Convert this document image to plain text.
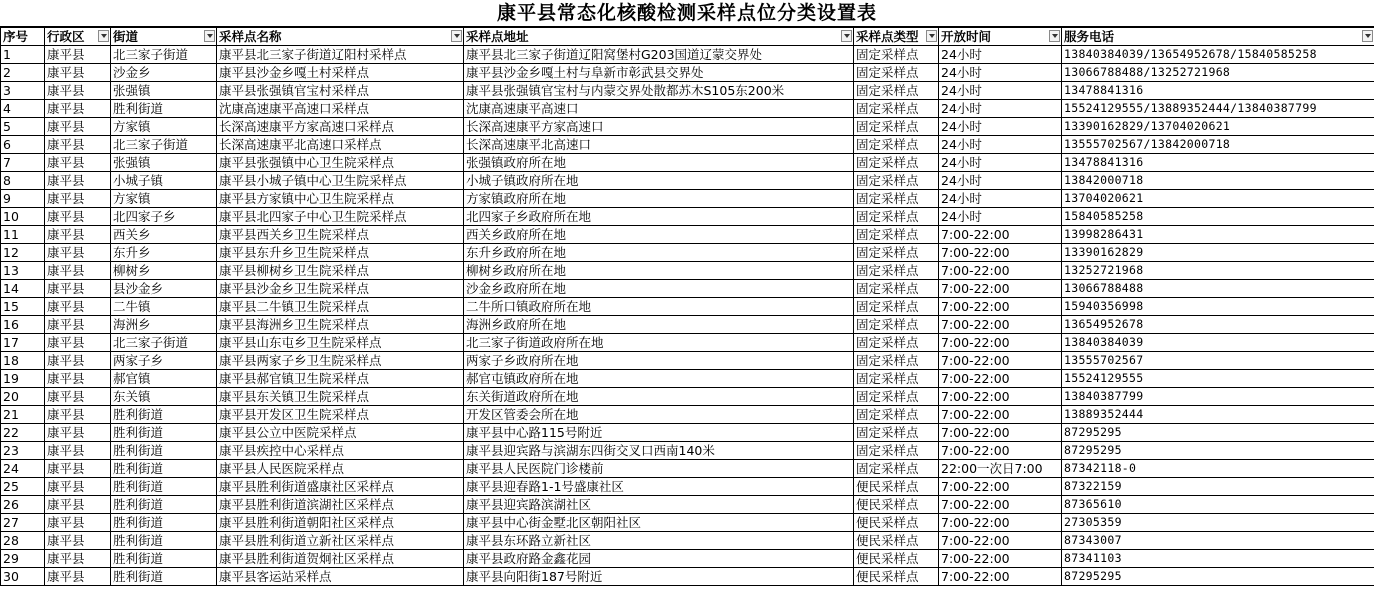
康平县常态化核酸检测采样点位分类设置表
序号	行政区	街道	采样点名称	采样点地址	采样点类型	开放时间	服务电话

1	康平县	北三家子街道	康平县北三家子街道辽阳村采样点	康平县北三家子街道辽阳窝堡村G203国道辽蒙交界处	固定采样点	24小时	13840384039/13654952678/15840585258
2	康平县	沙金乡	康平县沙金乡嘎土村采样点	康平县沙金乡嘎土村与阜新市彰武县交界处	固定采样点	24小时	13066788488/13252721968
3	康平县	张强镇	康平县张强镇官宝村采样点	康平县张强镇官宝村与内蒙交界处散都苏木S105东200米	固定采样点	24小时	13478841316
4	康平县	胜利街道	沈康高速康平高速口采样点	沈康高速康平高速口	固定采样点	24小时	15524129555/13889352444/13840387799
5	康平县	方家镇	长深高速康平方家高速口采样点	长深高速康平方家高速口	固定采样点	24小时	13390162829/13704020621
6	康平县	北三家子街道	长深高速康平北高速口采样点	长深高速康平北高速口	固定采样点	24小时	13555702567/13842000718
7	康平县	张强镇	康平县张强镇中心卫生院采样点	张强镇政府所在地	固定采样点	24小时	13478841316
8	康平县	小城子镇	康平县小城子镇中心卫生院采样点	小城子镇政府所在地	固定采样点	24小时	13842000718
9	康平县	方家镇	康平县方家镇中心卫生院采样点	方家镇政府所在地	固定采样点	24小时	13704020621
10	康平县	北四家子乡	康平县北四家子中心卫生院采样点	北四家子乡政府所在地	固定采样点	24小时	15840585258
11	康平县	西关乡	康平县西关乡卫生院采样点	西关乡政府所在地	固定采样点	7:00-22:00	13998286431
12	康平县	东升乡	康平县东升乡卫生院采样点	东升乡政府所在地	固定采样点	7:00-22:00	13390162829
13	康平县	柳树乡	康平县柳树乡卫生院采样点	柳树乡政府所在地	固定采样点	7:00-22:00	13252721968
14	康平县	县沙金乡	康平县沙金乡卫生院采样点	沙金乡政府所在地	固定采样点	7:00-22:00	13066788488
15	康平县	二牛镇	康平县二牛镇卫生院采样点	二牛所口镇政府所在地	固定采样点	7:00-22:00	15940356998
16	康平县	海洲乡	康平县海洲乡卫生院采样点	海洲乡政府所在地	固定采样点	7:00-22:00	13654952678
17	康平县	北三家子街道	康平县山东屯乡卫生院采样点	北三家子街道政府所在地	固定采样点	7:00-22:00	13840384039
18	康平县	两家子乡	康平县两家子乡卫生院采样点	两家子乡政府所在地	固定采样点	7:00-22:00	13555702567
19	康平县	郝官镇	康平县郝官镇卫生院采样点	郝官屯镇政府所在地	固定采样点	7:00-22:00	15524129555
20	康平县	东关镇	康平县东关镇卫生院采样点	东关街道政府所在地	固定采样点	7:00-22:00	13840387799
21	康平县	胜利街道	康平县开发区卫生院采样点	开发区管委会所在地	固定采样点	7:00-22:00	13889352444
22	康平县	胜利街道	康平县公立中医院采样点	康平县中心路115号附近	固定采样点	7:00-22:00	87295295
23	康平县	胜利街道	康平县疾控中心采样点	康平县迎宾路与滨湖东四街交叉口西南140米	固定采样点	7:00-22:00	87295295
24	康平县	胜利街道	康平县人民医院采样点	康平县人民医院门诊楼前	固定采样点	22:00一次日7:00	87342118-0
25	康平县	胜利街道	康平县胜利街道盛康社区采样点	康平县迎春路1-1号盛康社区	便民采样点	7:00-22:00	87322159
26	康平县	胜利街道	康平县胜利街道滨湖社区采样点	康平县迎宾路滨湖社区	便民采样点	7:00-22:00	87365610
27	康平县	胜利街道	康平县胜利街道朝阳社区采样点	康平县中心街金墅北区朝阳社区	便民采样点	7:00-22:00	27305359
28	康平县	胜利街道	康平县胜利街道立新社区采样点	康平县东环路立新社区	便民采样点	7:00-22:00	87343007
29	康平县	胜利街道	康平县胜利街道贺炯社区采样点	康平县政府路金鑫花园	便民采样点	7:00-22:00	87341103
30	康平县	胜利街道	康平县客运站采样点	康平县向阳街187号附近	便民采样点	7:00-22:00	87295295
